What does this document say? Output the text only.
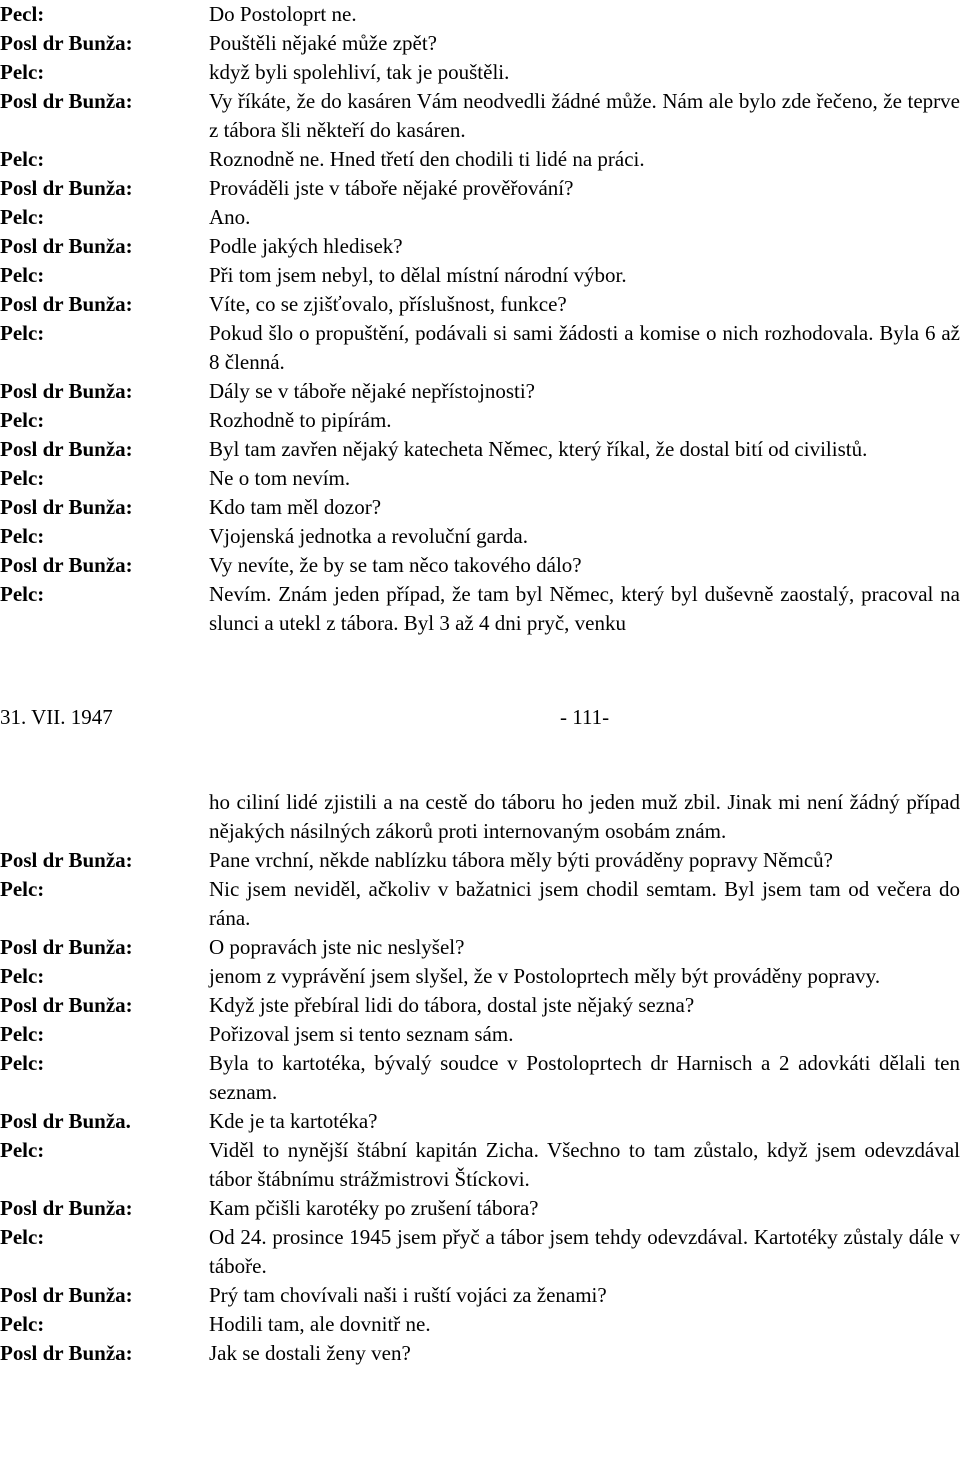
Pecl:	Do Postoloprt ne.
Posl dr Bunža:	Pouštěli nějaké může zpět?
Pelc:	když byli spolehliví, tak je pouštěli.
Posl dr Bunža:	Vy říkáte, že do kasáren Vám neodvedli žádné může. Nám ale bylo zde řečeno, že teprve z tábora šli někteří do kasáren.
Pelc:	Roznodně ne. Hned třetí den chodili ti lidé na práci.
Posl dr Bunža:	Prováděli jste v táboře nějaké prověřování?
Pelc:	Ano.
Posl dr Bunža:	Podle jakých hledisek?
Pelc:	Při tom jsem nebyl, to dělal místní národní výbor.
Posl dr Bunža:	Víte, co se zjišťovalo, příslušnost, funkce?
Pelc:	Pokud šlo o propuštění, podávali si sami žádosti a komise o nich rozhodovala. Byla 6 až 8 členná.
Posl dr Bunža:	Dály se v táboře nějaké nepřístojnosti?
Pelc:	Rozhodně to pipírám.
Posl dr Bunža:	Byl tam zavřen nějaký katecheta Němec, který říkal, že dostal bití od civilistů.
Pelc:	Ne o tom nevím.
Posl dr Bunža:	Kdo tam měl dozor?
Pelc:	Vjojenská jednotka a revoluční garda.
Posl dr Bunža:	Vy nevíte, že by se tam něco takového dálo?
Pelc:	Nevím. Znám jeden případ, že tam byl Němec, který byl duševně zaostalý, pracoval na slunci a utekl z tábora. Byl 3 až 4 dni pryč, venku
31. VII. 1947	- 111-
ho ciliní lidé zjistili a na cestě do táboru ho jeden muž zbil. Jinak mi není žádný případ nějakých násilných zákorů proti internovaným osobám znám.
Posl dr Bunža:	Pane vrchní, někde nablízku tábora měly býti prováděny popravy Němců?
Pelc:	Nic jsem neviděl, ačkoliv v bažatnici jsem chodil semtam. Byl jsem tam od večera do rána.
Posl dr Bunža:	O popravách jste nic neslyšel?
Pelc:	jenom z vyprávění jsem slyšel, že v Postoloprtech měly být prováděny popravy.
Posl dr Bunža:	Když jste přebíral lidi do tábora, dostal jste nějaký sezna?
Pelc:	Pořizoval jsem si tento seznam sám.
Pelc:	Byla to kartotéka, bývalý soudce v Postoloprtech dr Harnisch a 2 adovkáti dělali ten seznam.
Posl dr Bunža.	Kde je ta kartotéka?
Pelc:	Viděl to nynější štábní kapitán Zicha. Všechno to tam zůstalo, když jsem odevzdával tábor štábnímu strážmistrovi Štíckovi.
Posl dr Bunža:	Kam pčišli karotéky po zrušení tábora?
Pelc:	Od 24. prosince 1945 jsem přyč a tábor jsem tehdy odevzdával. Kartotéky zůstaly dále v táboře.
Posl dr Bunža:	Prý tam chovívali naši i ruští vojáci za ženami?
Pelc:	Hodili tam, ale dovnitř ne.
Posl dr Bunža:	Jak se dostali ženy ven?
